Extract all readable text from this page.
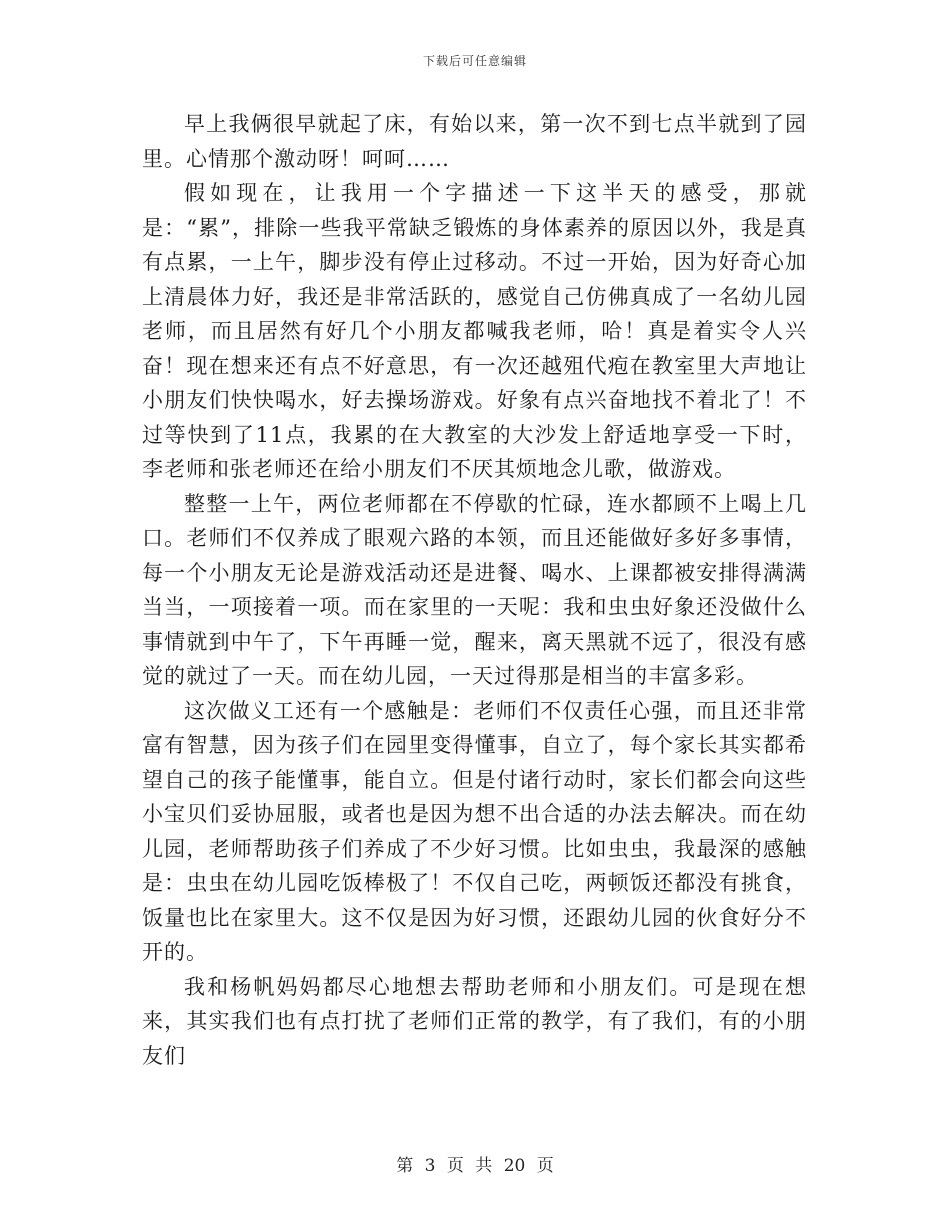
下载后可任意编辑

早上我俩很早就起了床，有始以来，第一次不到七点半就到了园里。心情那个激动呀！呵呵……

假如现在，让我用一个字描述一下这半天的感受，那就是：“累”，排除一些我平常缺乏锻炼的身体素养的原因以外，我是真有点累，一上午，脚步没有停止过移动。不过一开始，因为好奇心加上清晨体力好，我还是非常活跃的，感觉自己仿佛真成了一名幼儿园老师，而且居然有好几个小朋友都喊我老师，哈！真是着实令人兴奋！现在想来还有点不好意思，有一次还越殂代疱在教室里大声地让小朋友们快快喝水，好去操场游戏。好象有点兴奋地找不着北了！不过等快到了11点，我累的在大教室的大沙发上舒适地享受一下时，李老师和张老师还在给小朋友们不厌其烦地念儿歌，做游戏。

整整一上午，两位老师都在不停歇的忙碌，连水都顾不上喝上几口。老师们不仅养成了眼观六路的本领，而且还能做好多好多事情，每一个小朋友无论是游戏活动还是进餐、喝水、上课都被安排得满满当当，一项接着一项。而在家里的一天呢：我和虫虫好象还没做什么事情就到中午了，下午再睡一觉，醒来，离天黑就不远了，很没有感觉的就过了一天。而在幼儿园，一天过得那是相当的丰富多彩。

这次做义工还有一个感触是：老师们不仅责任心强，而且还非常富有智慧，因为孩子们在园里变得懂事，自立了，每个家长其实都希望自己的孩子能懂事，能自立。但是付诸行动时，家长们都会向这些小宝贝们妥协屈服，或者也是因为想不出合适的办法去解决。而在幼儿园，老师帮助孩子们养成了不少好习惯。比如虫虫，我最深的感触是：虫虫在幼儿园吃饭棒极了！不仅自己吃，两顿饭还都没有挑食，饭量也比在家里大。这不仅是因为好习惯，还跟幼儿园的伙食好分不开的。

我和杨帆妈妈都尽心地想去帮助老师和小朋友们。可是现在想来，其实我们也有点打扰了老师们正常的教学，有了我们，有的小朋友们

第 3 页 共 20 页
